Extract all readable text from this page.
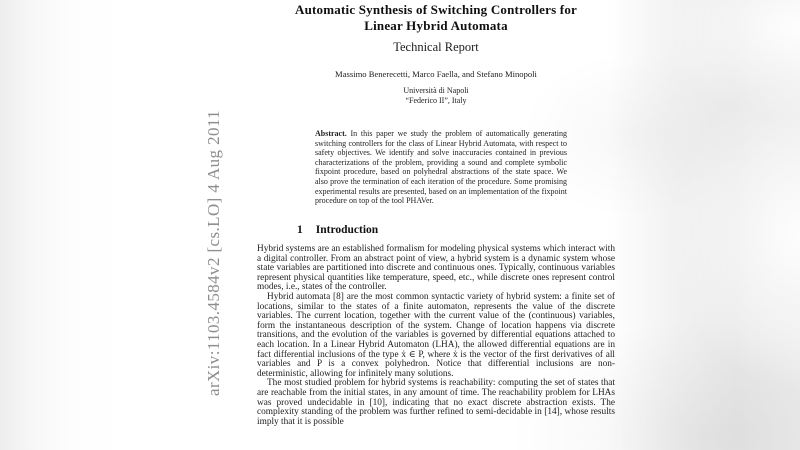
arXiv:1103.4584v2 [cs.LO] 4 Aug 2011
Automatic Synthesis of Switching Controllers for
Linear Hybrid Automata
Technical Report
Massimo Benerecetti, Marco Faella, and Stefano Minopoli
Università di Napoli
“Federico II”, Italy

Abstract. In this paper we study the problem of automatically generating switching controllers for the class of Linear Hybrid Automata, with respect to safety objectives. We identify and solve inaccuracies contained in previous characterizations of the problem, providing a sound and complete symbolic fixpoint procedure, based on polyhedral abstractions of the state space. We also prove the termination of each iteration of the procedure. Some promising experimental results are presented, based on an implementation of the fixpoint procedure on top of the tool PHAVer.

1 Introduction

Hybrid systems are an established formalism for modeling physical systems which interact with a digital controller. From an abstract point of view, a hybrid system is a dynamic system whose state variables are partitioned into discrete and continuous ones. Typically, continuous variables represent physical quantities like temperature, speed, etc., while discrete ones represent control modes, i.e., states of the controller.

Hybrid automata [8] are the most common syntactic variety of hybrid system: a finite set of locations, similar to the states of a finite automaton, represents the value of the discrete variables. The current location, together with the current value of the (continuous) variables, form the instantaneous description of the system. Change of location happens via discrete transitions, and the evolution of the variables is governed by differential equations attached to each location. In a Linear Hybrid Automaton (LHA), the allowed differential equations are in fact differential inclusions of the type ẋ ∈ P, where ẋ is the vector of the first derivatives of all variables and P is a convex polyhedron. Notice that differential inclusions are non-deterministic, allowing for infinitely many solutions.

The most studied problem for hybrid systems is reachability: computing the set of states that are reachable from the initial states, in any amount of time. The reachability problem for LHAs was proved undecidable in [10], indicating that no exact discrete abstraction exists. The complexity standing of the problem was further refined to semi-decidable in [14], whose results imply that it is possible
